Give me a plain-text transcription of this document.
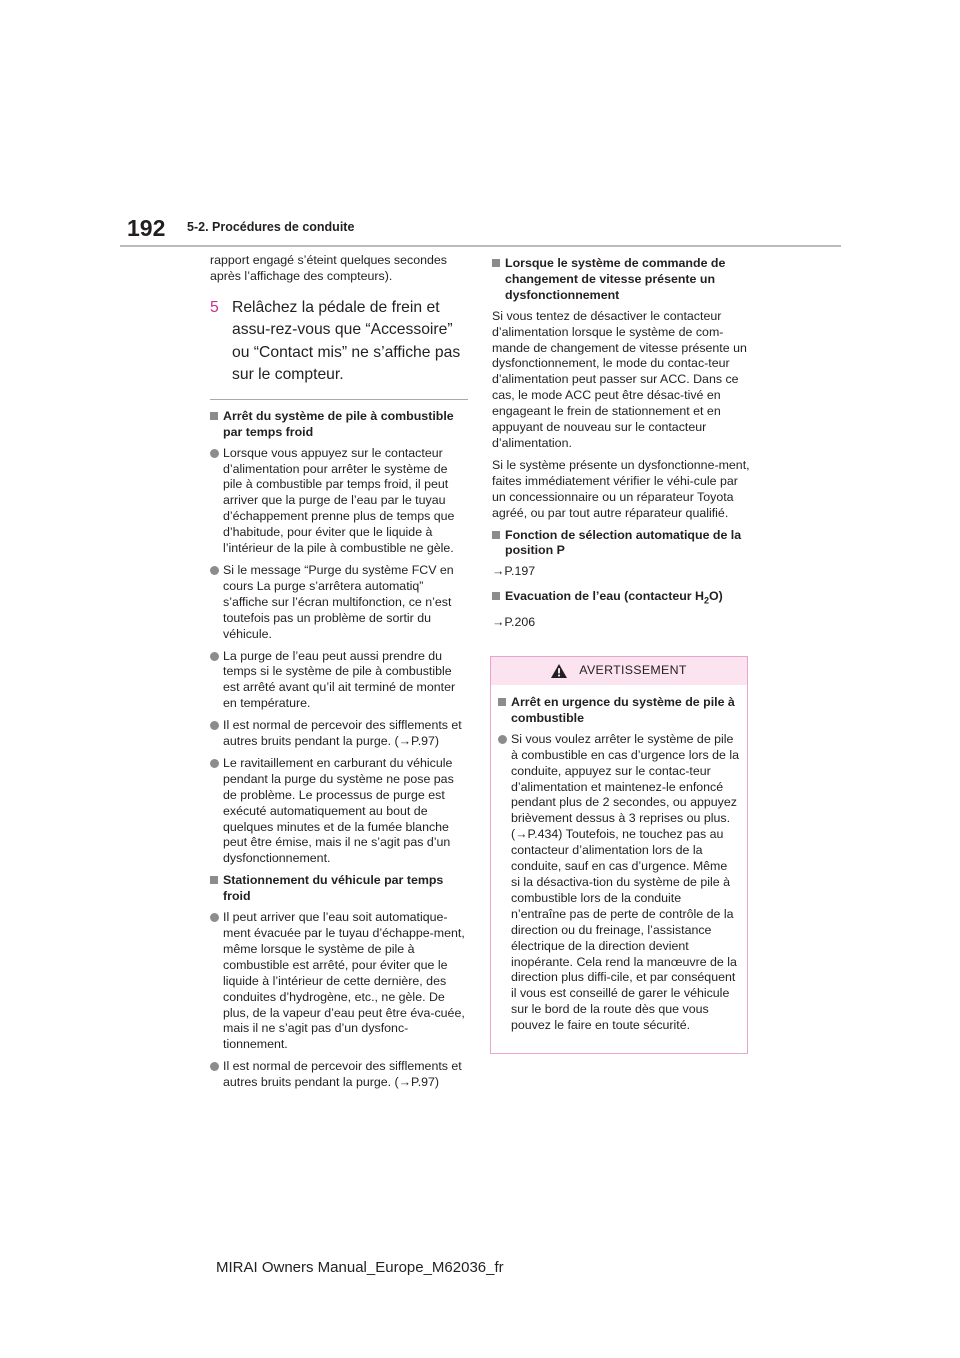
192 5-2. Procédures de conduite

rapport engagé s’éteint quelques secondes après l’affichage des compteurs).

5 Relâchez la pédale de frein et assu-rez-vous que “Accessoire” ou “Contact mis” ne s’affiche pas sur le compteur.
Arrêt du système de pile à combustible par temps froid
Lorsque vous appuyez sur le contacteur d’alimentation pour arrêter le système de pile à combustible par temps froid, il peut arriver que la purge de l’eau par le tuyau d’échappement prenne plus de temps que d’habitude, pour éviter que le liquide à l’intérieur de la pile à combustible ne gèle.
Si le message “Purge du système FCV en cours La purge s’arrêtera automatiq” s’affiche sur l’écran multifonction, ce n’est toutefois pas un problème de sortir du véhicule.
La purge de l’eau peut aussi prendre du temps si le système de pile à combustible est arrêté avant qu’il ait terminé de monter en température.
Il est normal de percevoir des sifflements et autres bruits pendant la purge. (→P.97)
Le ravitaillement en carburant du véhicule pendant la purge du système ne pose pas de problème. Le processus de purge est exécuté automatiquement au bout de quelques minutes et de la fumée blanche peut être émise, mais il ne s’agit pas d’un dysfonctionnement.
Stationnement du véhicule par temps froid
Il peut arriver que l’eau soit automatique-ment évacuée par le tuyau d’échappe-ment, même lorsque le système de pile à combustible est arrêté, pour éviter que le liquide à l’intérieur de cette dernière, des conduites d’hydrogène, etc., ne gèle. De plus, de la vapeur d’eau peut être éva-cuée, mais il ne s’agit pas d’un dysfonc-tionnement.
Il est normal de percevoir des sifflements et autres bruits pendant la purge. (→P.97)
Lorsque le système de commande de changement de vitesse présente un dysfonctionnement

Si vous tentez de désactiver le contacteur d’alimentation lorsque le système de com-mande de changement de vitesse présente un dysfonctionnement, le mode du contac-teur d’alimentation peut passer sur ACC. Dans ce cas, le mode ACC peut être désac-tivé en engageant le frein de stationnement et en appuyant de nouveau sur le contacteur d’alimentation.

Si le système présente un dysfonctionne-ment, faites immédiatement vérifier le véhi-cule par un concessionnaire ou un réparateur Toyota agréé, ou par tout autre réparateur qualifié.

Fonction de sélection automatique de la position P

→P.197

Evacuation de l’eau (contacteur $H_2O$)

→P.206

AVERTISSEMENT
Arrêt en urgence du système de pile à combustible
Si vous voulez arrêter le système de pile à combustible en cas d’urgence lors de la conduite, appuyez sur le contac-teur d’alimentation et maintenez-le enfoncé pendant plus de 2 secondes, ou appuyez brièvement dessus à 3 reprises ou plus. (→P.434) Toutefois, ne touchez pas au contacteur d’alimentation lors de la conduite, sauf en cas d’urgence. Même si la désactiva-tion du système de pile à combustible lors de la conduite n’entraîne pas de perte de contrôle de la direction ou du freinage, l’assistance électrique de la direction devient inopérante. Cela rend la manœuvre de la direction plus diffi-cile, et par conséquent il vous est conseillé de garer le véhicule sur le bord de la route dès que vous pouvez le faire en toute sécurité.
MIRAI Owners Manual_Europe_M62036_fr
